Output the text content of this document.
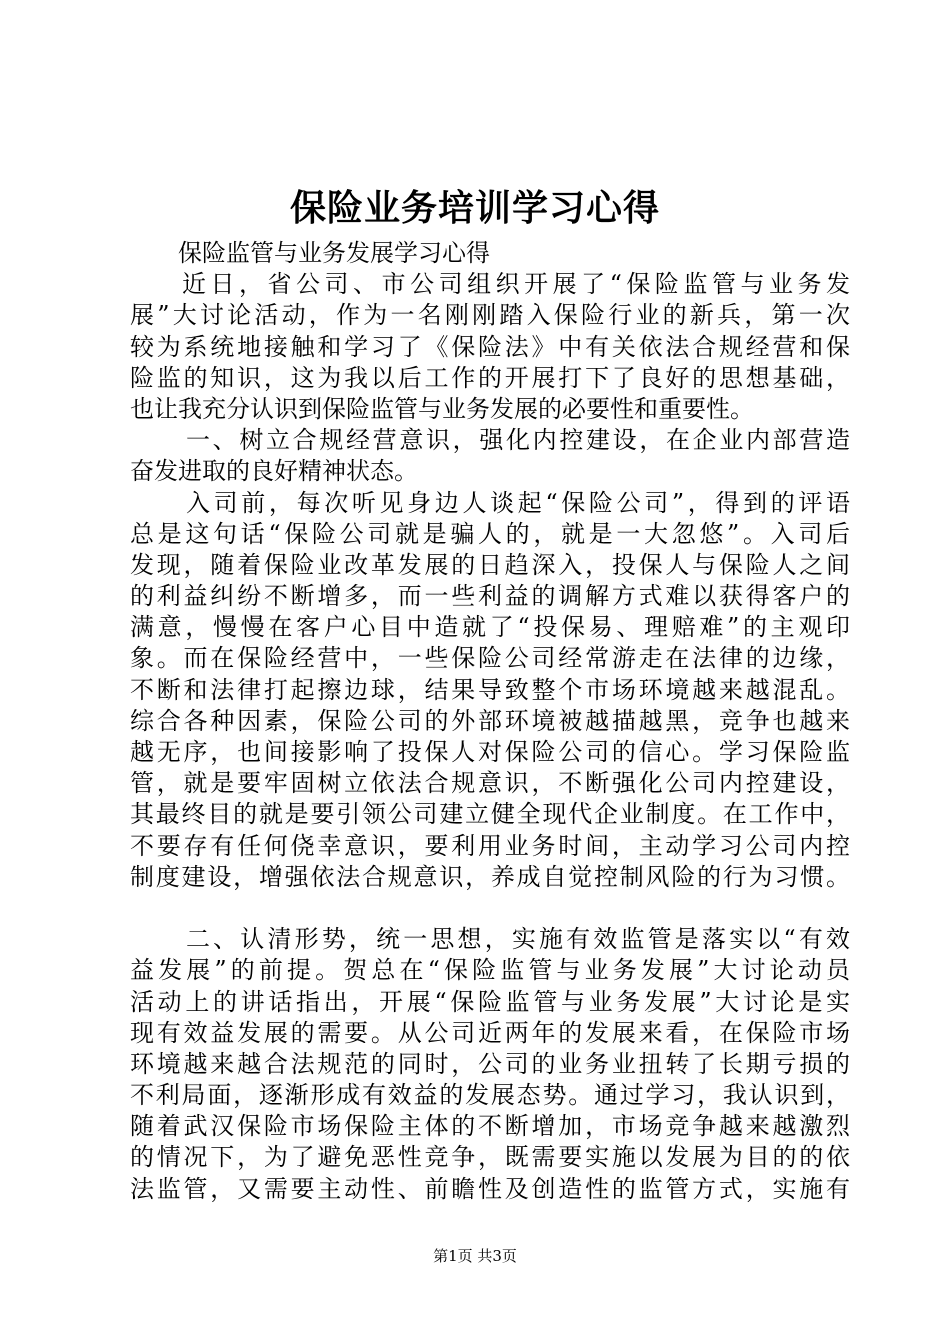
保险业务培训学习心得
保险监管与业务发展学习心得
近日，省公司、市公司组织开展了“保险监管与业务发
展”大讨论活动，作为一名刚刚踏入保险行业的新兵，第一次
较为系统地接触和学习了《保险法》中有关依法合规经营和保
险监的知识，这为我以后工作的开展打下了良好的思想基础，
也让我充分认识到保险监管与业务发展的必要性和重要性。
一、树立合规经营意识，强化内控建设，在企业内部营造
奋发进取的良好精神状态。
入司前，每次听见身边人谈起“保险公司”，得到的评语
总是这句话“保险公司就是骗人的，就是一大忽悠”。入司后
发现，随着保险业改革发展的日趋深入，投保人与保险人之间
的利益纠纷不断增多，而一些利益的调解方式难以获得客户的
满意，慢慢在客户心目中造就了“投保易、理赔难”的主观印
象。而在保险经营中，一些保险公司经常游走在法律的边缘，
不断和法律打起擦边球，结果导致整个市场环境越来越混乱。
综合各种因素，保险公司的外部环境被越描越黑，竞争也越来
越无序，也间接影响了投保人对保险公司的信心。学习保险监
管，就是要牢固树立依法合规意识，不断强化公司内控建设，
其最终目的就是要引领公司建立健全现代企业制度。在工作中，
不要存有任何侥幸意识，要利用业务时间，主动学习公司内控
制度建设，增强依法合规意识，养成自觉控制风险的行为习惯。
二、认清形势，统一思想，实施有效监管是落实以“有效
益发展”的前提。贺总在“保险监管与业务发展”大讨论动员
活动上的讲话指出，开展“保险监管与业务发展”大讨论是实
现有效益发展的需要。从公司近两年的发展来看，在保险市场
环境越来越合法规范的同时，公司的业务业扭转了长期亏损的
不利局面，逐渐形成有效益的发展态势。通过学习，我认识到，
随着武汉保险市场保险主体的不断增加，市场竞争越来越激烈
的情况下，为了避免恶性竞争，既需要实施以发展为目的的依
法监管，又需要主动性、前瞻性及创造性的监管方式，实施有
第1页 共3页
